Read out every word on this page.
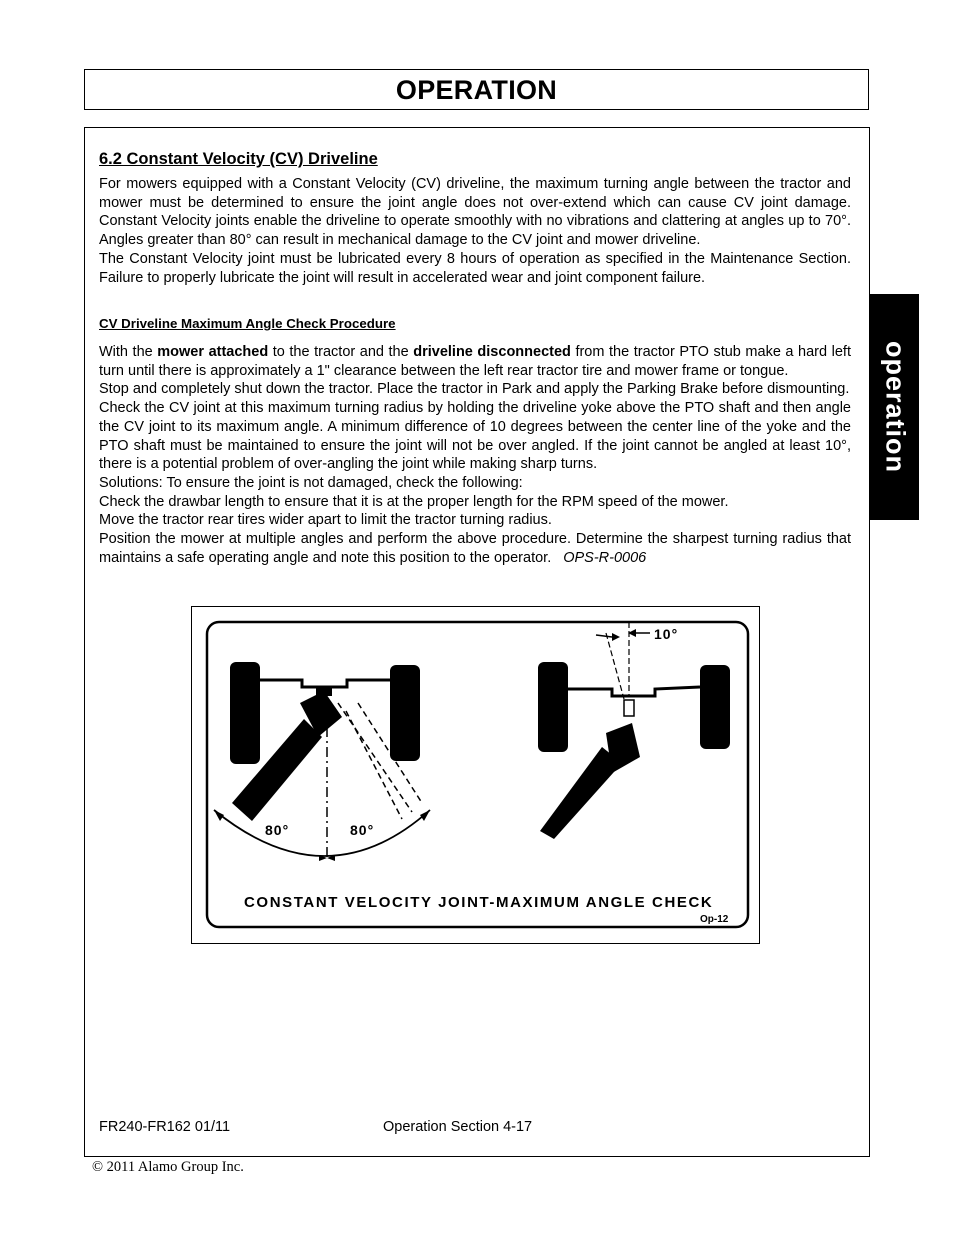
OPERATION
operation
6.2 Constant Velocity (CV) Driveline

For mowers equipped with a Constant Velocity (CV) driveline, the maximum turning angle between the tractor and mower must be determined to ensure the joint angle does not over-extend which can cause CV joint damage. Constant Velocity joints enable the driveline to operate smoothly with no vibrations and clattering at angles up to 70°. Angles greater than 80° can result in mechanical damage to the CV joint and mower driveline.

The Constant Velocity joint must be lubricated every 8 hours of operation as specified in the Maintenance Section. Failure to properly lubricate the joint will result in accelerated wear and joint component failure.

CV Driveline Maximum Angle Check Procedure

With the mower attached to the tractor and the driveline disconnected from the tractor PTO stub make a hard left turn until there is approximately a 1" clearance between the left rear tractor tire and mower frame or tongue.

Stop and completely shut down the tractor. Place the tractor in Park and apply the Parking Brake before dismounting.

Check the CV joint at this maximum turning radius by holding the driveline yoke above the PTO shaft and then angle the CV joint to its maximum angle. A minimum difference of 10 degrees between the center line of the yoke and the PTO shaft must be maintained to ensure the joint will not be over angled. If the joint cannot be angled at least 10°, there is a potential problem of over-angling the joint while making sharp turns.

Solutions: To ensure the joint is not damaged, check the following:

Check the drawbar length to ensure that it is at the proper length for the RPM speed of the mower.

Move the tractor rear tires wider apart to limit the tractor turning radius.

Position the mower at multiple angles and perform the above procedure. Determine the sharpest turning radius that maintains a safe operating angle and note this position to the operator. OPS-R-0006

80°	80°
10°
CONSTANT VELOCITY JOINT-MAXIMUM ANGLE CHECK
Op-12
FR240-FR162 01/11	Operation Section 4-17
© 2011 Alamo Group Inc.
